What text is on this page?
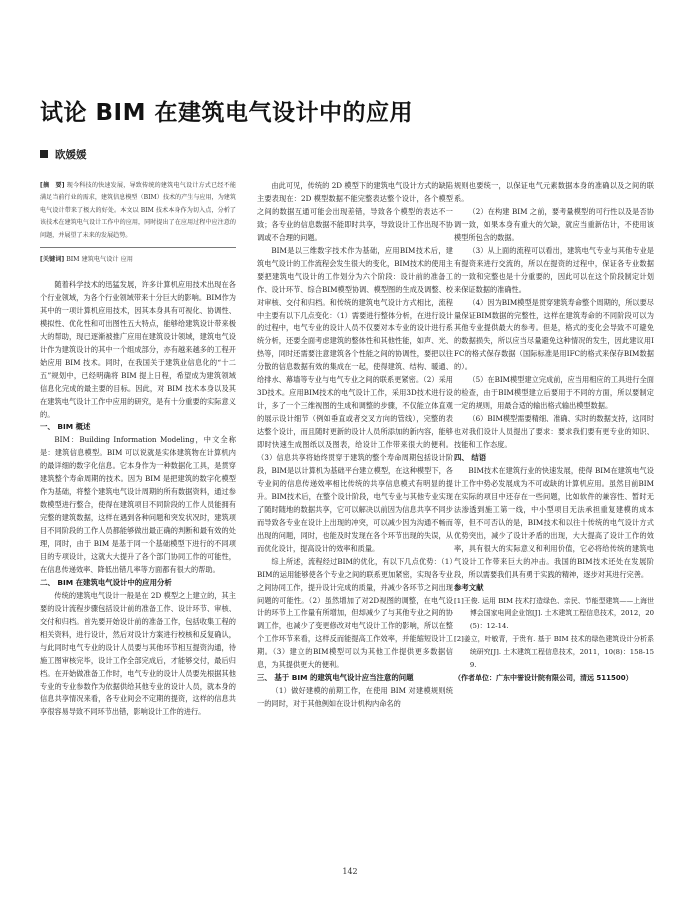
试论 BIM 在建筑电气设计中的应用
欧媛媛
[摘　要] 现今科技的快速发展，导致传统的建筑电气设计方式已经不能满足当前行业的需求，建筑信息模型（BIM）技术的产生与应用，为建筑电气设计带来了极大的好处。本文以 BIM 技术本身作为切入点，分析了该技术在建筑电气设计工作中的应用，同时提出了在应用过程中应注意的问题，并展望了未来的发展趋势。
[关键词] BIM 建筑电气设计 应用

随着科学技术的迅猛发展，许多计算机应用技术出现在各个行业领域，为各个行业领域带来十分巨大的影响。BIM作为其中的一项计算机应用技术，因其本身具有可视化、协调性、模拟性、优化性和可出图性五大特点，能够给建筑设计带来极大的帮助，现已逐渐被推广应用在建筑设计领域，建筑电气设计作为建筑设计的其中一个组成部分，亦有越来越多的工程开始应用 BIM 技术。同时，在我国关于建筑业信息化的“十二五”规划中，已经明确将 BIM 提上日程，希望成为建筑领域信息化完成的最主要的目标。因此，对 BIM 技术本身以及其在建筑电气设计工作中应用的研究，是有十分重要的实际意义的。

一、 BIM 概述

BIM：Building Information Modeling，中文全称是：建筑信息模型。BIM 可以说就是实体建筑物在计算机内的最详细的数字化信息。它本身作为一种数据化工具，是贯穿建筑整个寿命周期的技术。因为 BIM 是把建筑的数字化模型作为基础，将整个建筑电气设计周期的所有数据资料，通过参数模型进行整合，使得在建筑项目不同阶段的工作人员能拥有完整的建筑数据，这样在遇到各种问题和突发状况时，建筑项目不同阶段的工作人员都能够做出最正确的判断和最有效的处理，同时，由于 BIM 是基于同一个基础模型下进行的不同项目的专项设计，这就大大提升了各个部门协同工作的可能性，在信息传递效率、降低出错几率等方面都有很大的帮助。

二、 BIM 在建筑电气设计中的应用分析

传统的建筑电气设计一般是在 2D 模型之上建立的，其主要的设计流程步骤包括设计前的准备工作、设计环节、审核、交付和归档。首先要开始设计前的准备工作，包括收集工程的相关资料，进行设计，然后对设计方案进行校核和反复确认，与此同时电气专业的设计人员要与其他环节相互提资沟通，待施工图审核完毕，设计工作全部完成后，才能够交付，最后归档。在开始做准备工作时，电气专业的设计人员要先根据其他专业的专业参数作为依据供给其他专业的设计人员，就本身的信息共享情况来看，各专业间会不定期的提资，这样的信息共享很容易导致不同环节出错，影响设计工作的进行。

由此可见，传统的 2D 模型下的建筑电气设计方式的缺陷主要表现在：2D 模型数据不能完整表达整个设计，各个模型之间的数据互通可能会出现差错，导致各个模型的表达不一致；各专业的信息数据不能即时共享，导致设计工作出现不协调或不合理的问题。

BIM是以三维数字技术作为基础，应用BIM技术后，建筑电气设计的工作流程会发生很大的变化，BIM技术的使用主要把建筑电气设计的工作划分为六个阶段：设计前的准备工作、设计环节、综合BIM模型协调、模型图的生成及调整、校对审核、交付和归档。和传统的建筑电气设计方式相比，流程中主要有以下几点变化：（1）需要进行整体分析，在进行设计的过程中，电气专业的设计人员不仅要对本专业的设计进行系统分析，还要全面考虑建筑的整体性和其他性能，如声、光、热等，同时还需要注意建筑各个性能之间的协调性，要把以往分散的信息数据有效的集成在一起，使得建筑、结构、暖通、给排水、幕墙等专业与电气专业之间的联系更紧密。（2）采用3D技术。应用BIM技术的电气设计工作，采用3D技术进行设计，多了一个三维视图的生成和调整的步骤，不仅能立体直观的展示设计细节（例如垂直或者交叉方向的管线），完整的表达整个设计，而且随时更新的设计人员所添加的新内容，能够即时快速生成图纸以及图表，给设计工作带来很大的便利。（3）信息共享将始终贯穿于建筑的整个寿命周期包括设计阶段，BIM是以计算机为基础平台建立模型，在这种模型下，各专业间的信息传递效率相比传统的共享信息模式有明显的提升。BIM技术后，在整个设计阶段，电气专业与其他专业实现了随时随地的数据共享，它可以解决以前因为信息共享不同步而导致各专业在设计上出现的冲突，可以减少因为沟通不畅而出现的问题，同时，也能及时发现在各个环节出现的失误，从而优化设计，提高设计的效率和质量。

综上所述，流程经过BIM的优化，有以下几点优势：（1）BIM的运用能够使各个专业之间的联系更加紧密，实现各专业之间协同工作，提升设计完成的质量，并减少各环节之间出现问题的可能性。（2）虽然增加了对2D视图的调整，在电气设计的环节上工作量有所增加，但却减少了与其他专业之间的协调工作，也减少了变更修改对电气设计工作的影响，所以在整个工作环节来看，这样反而能提高工作效率，并能缩短设计工期。（3）建立的BIM模型可以为其他工作提供更多数据信息，为其提供更大的便利。

三、 基于 BIM 的建筑电气设计应当注意的问题

（1）做好建模的前期工作，在使用 BIM 对建模规则统一的同时，对于其他例如在设计机构内命名的

规则也要统一，以保证电气元素数据本身的准确以及之间的联系。

（2）在构建 BIM 之前，要考量模型的可行性以及是否协调一致，如果本身有重大的欠缺，就应当重新估计，不使用该模型所包含的数据。

（3）从上面的流程可以看出，建筑电气专业与其他专业是有提资来进行交流的，所以在提资的过程中，保证各专业数据的一致和完整也是十分重要的，因此可以在这个阶段制定计划来保证数据的准确性。

（4）因为BIM模型是贯穿建筑寿命整个周期的，所以要尽量保证BIM数据的完整性，这样在建筑寿命的不同阶段可以为其他专业提供最大的参考。但是，格式的变化会导致不可避免的数据损失，所以应当尽量避免这种情况的发生，因此建议用IFC的格式保存数据（国际标准是用IFC的格式来保存BIM数据的）。

（5）在BIM模型建立完成前，应当用相应的工具进行全面的检查，由于BIM模型建立后要用于不同的方面，所以要制定一定的规则，用最合适的输出格式输出模型数据。

（6）BIM模型需要精细、准确、实时的数据支持，这同时也对我们设计人员提出了要求：要求我们要有更专业的知识、技能和工作态度。

四、 结语

BIM技术在建筑行业的快速发展，使得 BIM在建筑电气设计工作中势必发展成为不可或缺的计算机应用。虽然目前BIM在实际的项目中还存在一些问题，比如软件的兼容性、暂时无法渗透到施工第一线，中小型项目无法承担重复建模的成本等，但不可否认的是，BIM技术和以往十传统的电气设计方式优势突出，减少了设计矛盾的出现，大大提高了设计工作的效率，具有很大的实际意义和利用价值，它必将给传统的建筑电气设计工作带来巨大的冲击。我国的BIM技术还处在发展阶段，所以需要我们具有勇于实践的精神，逐步对其进行完善。

参考文献

[1]王俊. 运用 BIM 技术打造绿色、亲民、节能型建筑——上海世博会国家电网企业馆[J]. 土木建筑工程信息技术，2012，20(5)：12-14.

[2]姜立，叶敏青，于贵有. 基于 BIM 技术的绿色建筑设计分析系统研究[J]. 土木建筑工程信息技术，2011，10(8)：158-159.

（作者单位：广东中誉设计院有限公司，清远 511500）
142
